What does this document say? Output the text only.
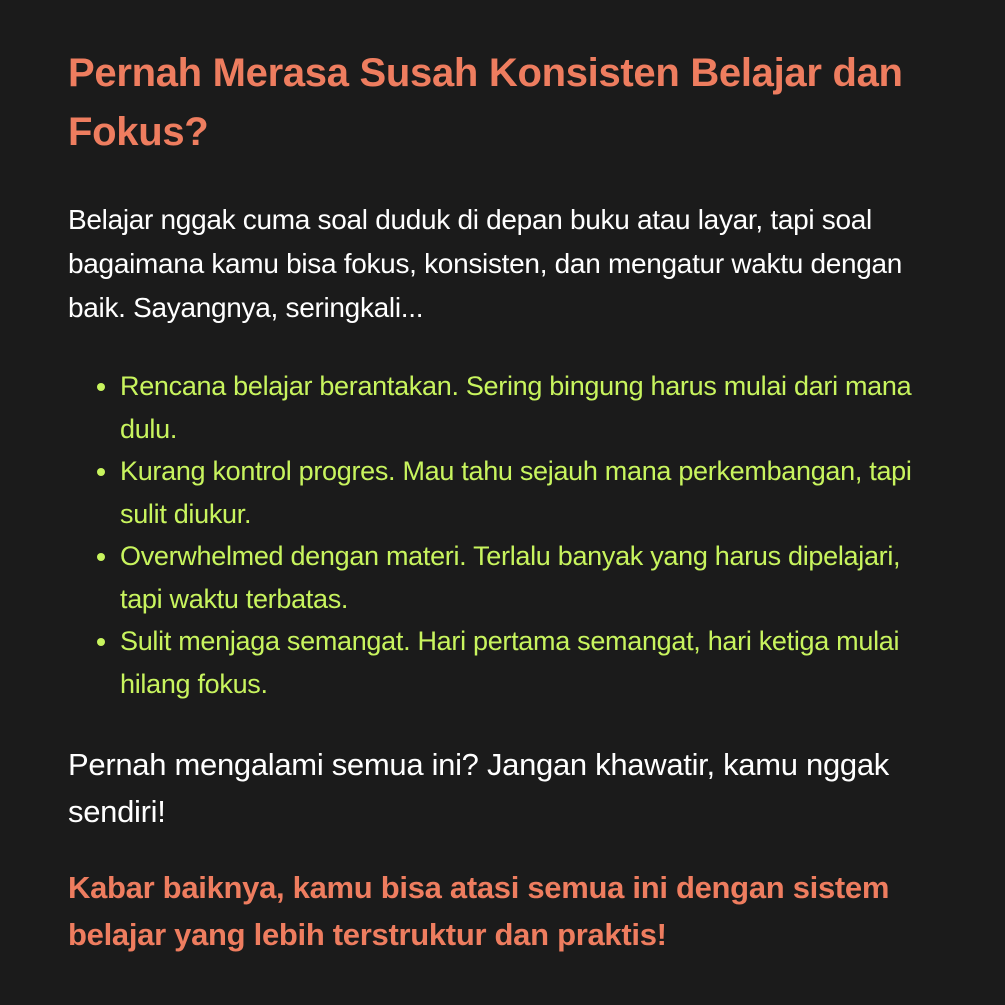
Pernah Merasa Susah Konsisten Belajar dan Fokus?

Belajar nggak cuma soal duduk di depan buku atau layar, tapi soal bagaimana kamu bisa fokus, konsisten, dan mengatur waktu dengan baik. Sayangnya, seringkali...

Rencana belajar berantakan. Sering bingung harus mulai dari mana dulu.
Kurang kontrol progres. Mau tahu sejauh mana perkembangan, tapi sulit diukur.
Overwhelmed dengan materi. Terlalu banyak yang harus dipelajari, tapi waktu terbatas.
Sulit menjaga semangat. Hari pertama semangat, hari ketiga mulai hilang fokus.

Pernah mengalami semua ini? Jangan khawatir, kamu nggak sendiri!

Kabar baiknya, kamu bisa atasi semua ini dengan sistem belajar yang lebih terstruktur dan praktis!
